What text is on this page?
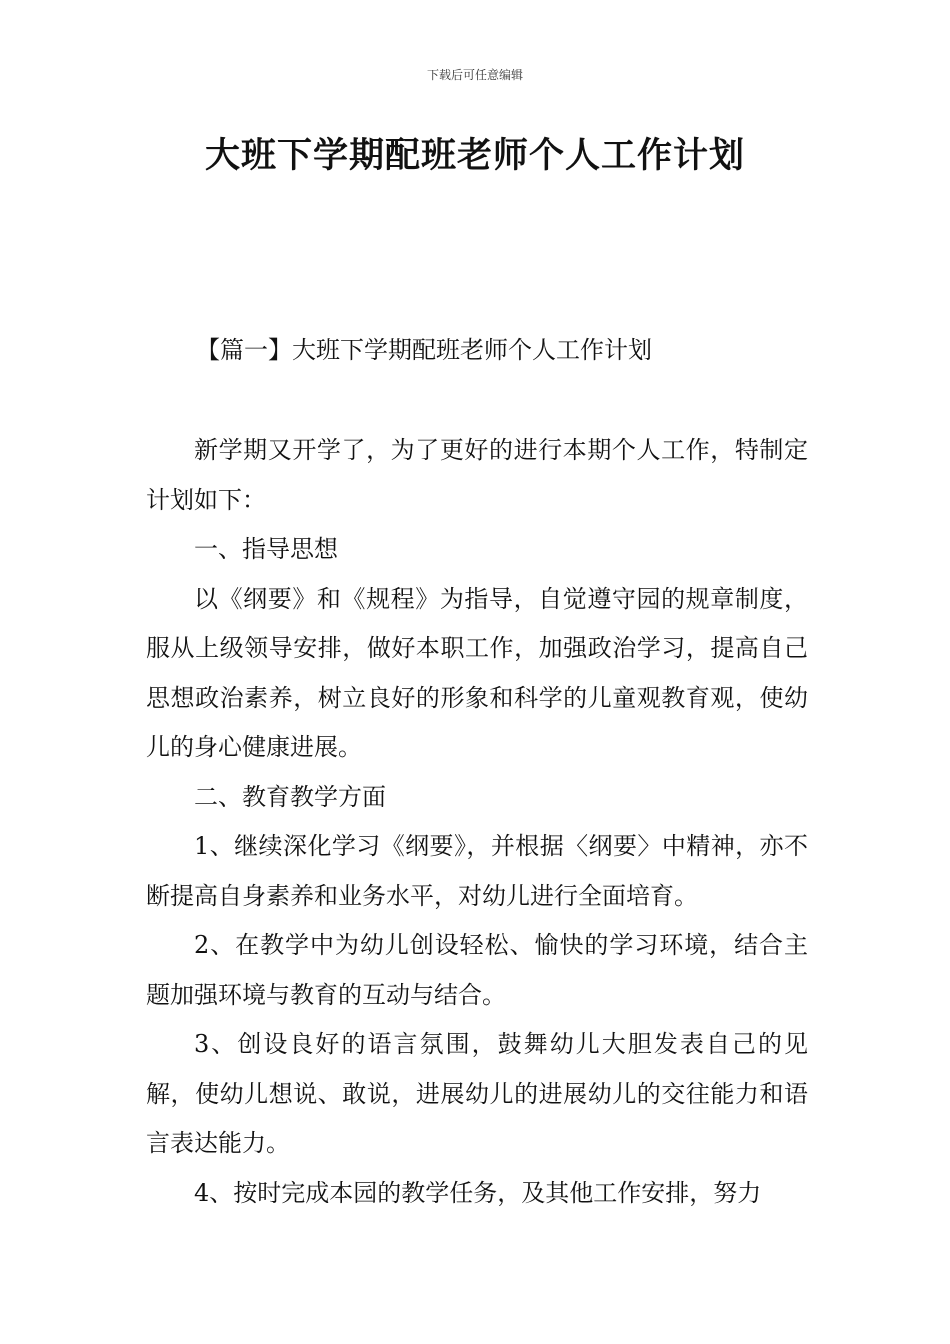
下载后可任意编辑
大班下学期配班老师个人工作计划
【篇一】大班下学期配班老师个人工作计划

新学期又开学了，为了更好的进行本期个人工作，特制定计划如下：

一、指导思想

以《纲要》和《规程》为指导，自觉遵守园的规章制度，服从上级领导安排，做好本职工作，加强政治学习，提高自己思想政治素养，树立良好的形象和科学的儿童观教育观，使幼儿的身心健康进展。

二、教育教学方面

1、继续深化学习《纲要》，并根据〈纲要〉中精神，亦不断提高自身素养和业务水平，对幼儿进行全面培育。

2、在教学中为幼儿创设轻松、愉快的学习环境，结合主题加强环境与教育的互动与结合。

3、创设良好的语言氛围，鼓舞幼儿大胆发表自己的见解，使幼儿想说、敢说，进展幼儿的进展幼儿的交往能力和语言表达能力。

4、按时完成本园的教学任务，及其他工作安排，努力
